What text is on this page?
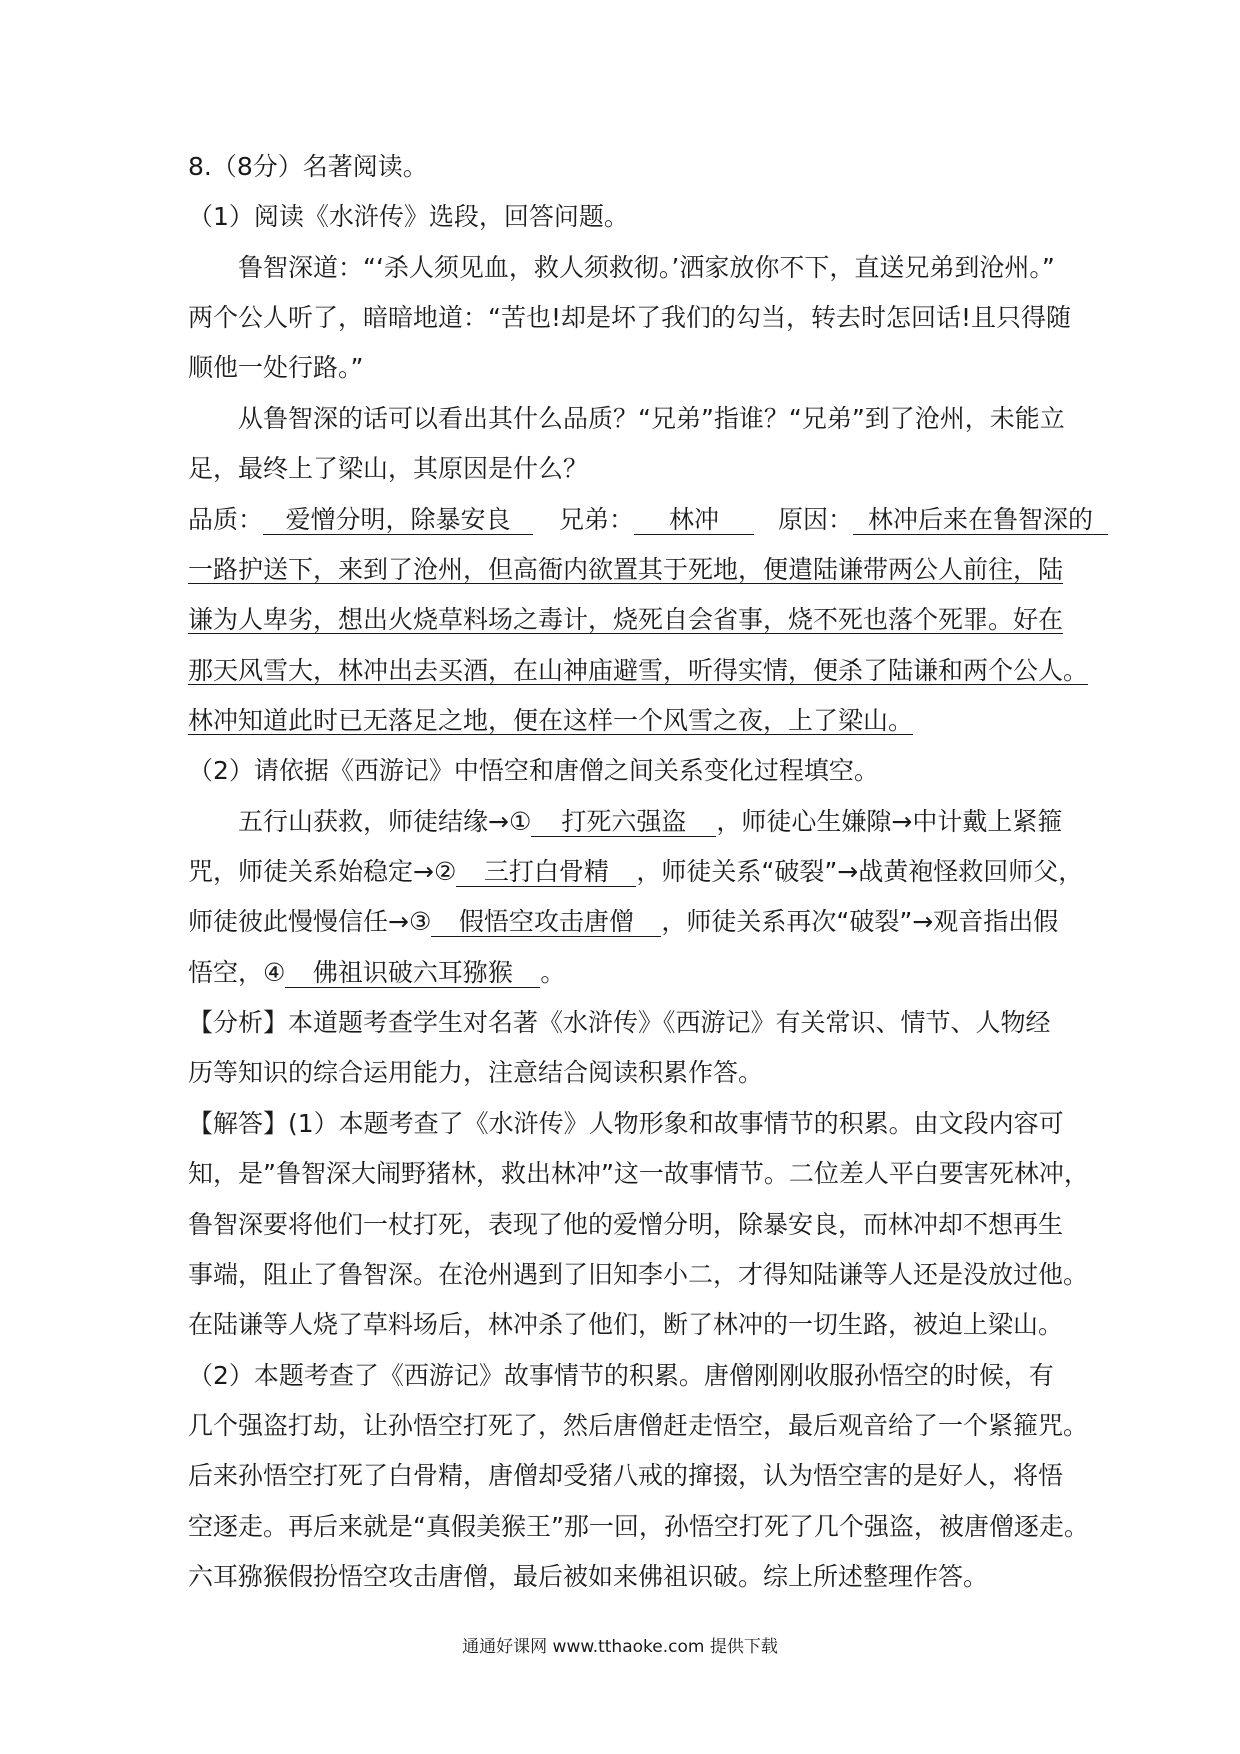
8.（8分）名著阅读。
（1）阅读《水浒传》选段，回答问题。
鲁智深道：“‘杀人须见血，救人须救彻。’洒家放你不下，直送兄弟到沧州。”
两个公人听了，暗暗地道：“苦也!却是坏了我们的勾当，转去时怎回话!且只得随
顺他一处行路。”
从鲁智深的话可以看出其什么品质？“兄弟”指谁？“兄弟”到了沧州，未能立
足，最终上了梁山，其原因是什么？
品质： 爱憎分明，除暴安良 兄弟： 林冲 原因： 林冲后来在鲁智深的
一路护送下，来到了沧州，但高衙内欲置其于死地，便遣陆谦带两公人前往，陆
谦为人卑劣，想出火烧草料场之毒计，烧死自会省事，烧不死也落个死罪。好在
那天风雪大，林冲出去买酒，在山神庙避雪，听得实情，便杀了陆谦和两个公人。
林冲知道此时已无落足之地，便在这样一个风雪之夜，上了梁山。
（2）请依据《西游记》中悟空和唐僧之间关系变化过程填空。
五行山获救，师徒结缘→① 打死六强盗 ，师徒心生嫌隙→中计戴上紧箍
咒，师徒关系始稳定→② 三打白骨精 ，师徒关系“破裂”→战黄袍怪救回师父，
师徒彼此慢慢信任→③ 假悟空攻击唐僧 ，师徒关系再次“破裂”→观音指出假
悟空，④ 佛祖识破六耳猕猴 。
【分析】本道题考查学生对名著《水浒传》《西游记》有关常识、情节、人物经
历等知识的综合运用能力，注意结合阅读积累作答。
【解答】(1）本题考查了《水浒传》人物形象和故事情节的积累。由文段内容可
知，是”鲁智深大闹野猪林，救出林冲”这一故事情节。二位差人平白要害死林冲，
鲁智深要将他们一杖打死，表现了他的爱憎分明，除暴安良，而林冲却不想再生
事端，阻止了鲁智深。在沧州遇到了旧知李小二，才得知陆谦等人还是没放过他。
在陆谦等人烧了草料场后，林冲杀了他们，断了林冲的一切生路，被迫上梁山。
（2）本题考查了《西游记》故事情节的积累。唐僧刚刚收服孙悟空的时候，有
几个强盗打劫，让孙悟空打死了，然后唐僧赶走悟空，最后观音给了一个紧箍咒。
后来孙悟空打死了白骨精，唐僧却受猪八戒的撺掇，认为悟空害的是好人，将悟
空逐走。再后来就是“真假美猴王”那一回，孙悟空打死了几个强盗，被唐僧逐走。
六耳猕猴假扮悟空攻击唐僧，最后被如来佛祖识破。综上所述整理作答。
通通好课网 www.tthaoke.com 提供下载
